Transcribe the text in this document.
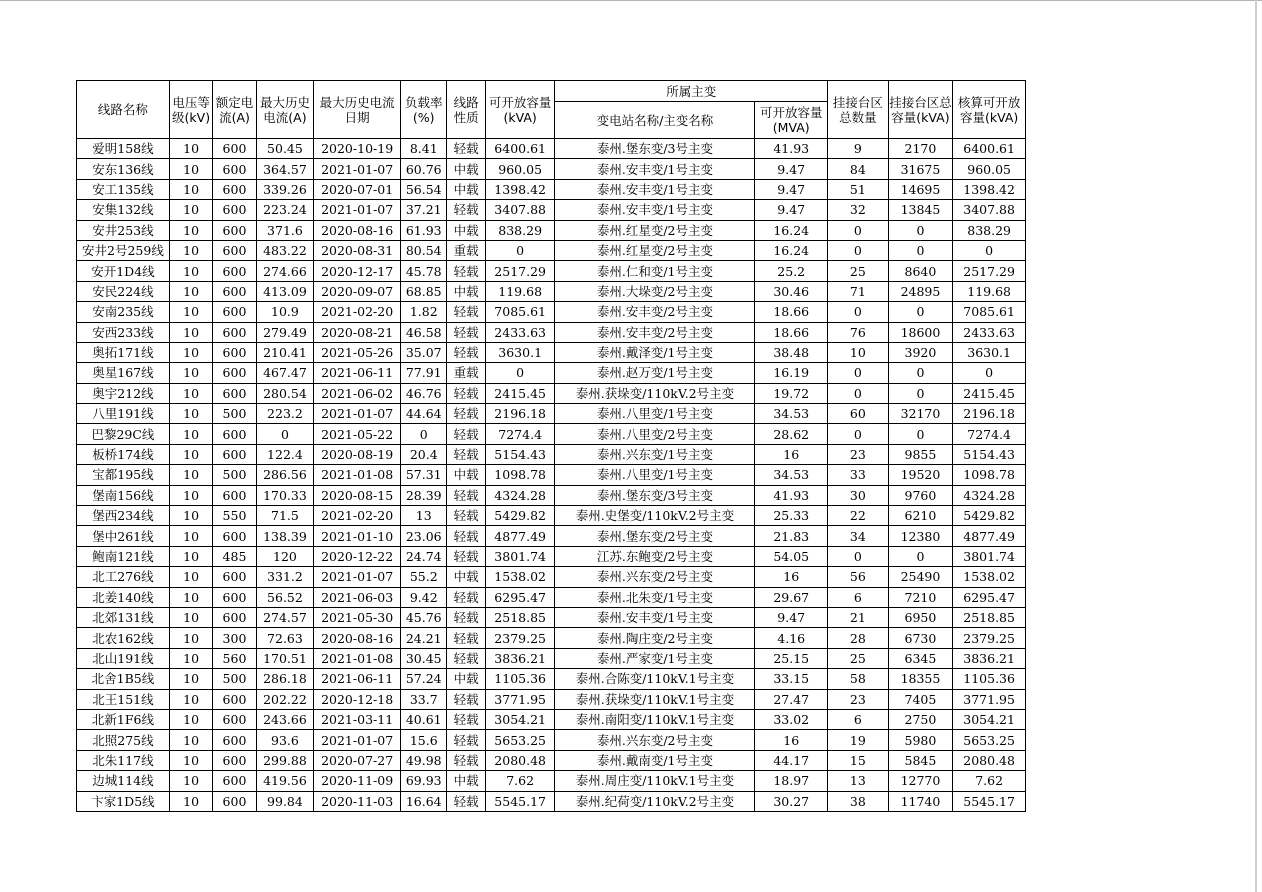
线路名称	电压等级(kV)	额定电流(A)	最大历史电流(A)	最大历史电流日期	负载率(%)	线路性质	可开放容量(kVA)	所属主变		挂接台区总数量	挂接台区总容量(kVA)	核算可开放容量(kVA)
								变电站名称/主变名称	可开放容量(MVA)			
爱明158线	10	600	50.45	2020-10-19	8.41	轻载	6400.61	泰州.堡东变/3号主变	41.93	9	2170	6400.61
安东136线	10	600	364.57	2021-01-07	60.76	中载	960.05	泰州.安丰变/1号主变	9.47	84	31675	960.05
安工135线	10	600	339.26	2020-07-01	56.54	中载	1398.42	泰州.安丰变/1号主变	9.47	51	14695	1398.42
安集132线	10	600	223.24	2021-01-07	37.21	轻载	3407.88	泰州.安丰变/1号主变	9.47	32	13845	3407.88
安井253线	10	600	371.6	2020-08-16	61.93	中载	838.29	泰州.红星变/2号主变	16.24	0	0	838.29
安井2号259线	10	600	483.22	2020-08-31	80.54	重载	0	泰州.红星变/2号主变	16.24	0	0	0
安开1D4线	10	600	274.66	2020-12-17	45.78	轻载	2517.29	泰州.仁和变/1号主变	25.2	25	8640	2517.29
安民224线	10	600	413.09	2020-09-07	68.85	中载	119.68	泰州.大垛变/2号主变	30.46	71	24895	119.68
安南235线	10	600	10.9	2021-02-20	1.82	轻载	7085.61	泰州.安丰变/2号主变	18.66	0	0	7085.61
安西233线	10	600	279.49	2020-08-21	46.58	轻载	2433.63	泰州.安丰变/2号主变	18.66	76	18600	2433.63
奥拓171线	10	600	210.41	2021-05-26	35.07	轻载	3630.1	泰州.戴泽变/1号主变	38.48	10	3920	3630.1
奥星167线	10	600	467.47	2021-06-11	77.91	重载	0	泰州.赵万变/1号主变	16.19	0	0	0
奥宇212线	10	600	280.54	2021-06-02	46.76	轻载	2415.45	泰州.获垛变/110kV.2号主变	19.72	0	0	2415.45
八里191线	10	500	223.2	2021-01-07	44.64	轻载	2196.18	泰州.八里变/1号主变	34.53	60	32170	2196.18
巴黎29C线	10	600	0	2021-05-22	0	轻载	7274.4	泰州.八里变/2号主变	28.62	0	0	7274.4
板桥174线	10	600	122.4	2020-08-19	20.4	轻载	5154.43	泰州.兴东变/1号主变	16	23	9855	5154.43
宝都195线	10	500	286.56	2021-01-08	57.31	中载	1098.78	泰州.八里变/1号主变	34.53	33	19520	1098.78
堡南156线	10	600	170.33	2020-08-15	28.39	轻载	4324.28	泰州.堡东变/3号主变	41.93	30	9760	4324.28
堡西234线	10	550	71.5	2021-02-20	13	轻载	5429.82	泰州.史堡变/110kV.2号主变	25.33	22	6210	5429.82
堡中261线	10	600	138.39	2021-01-10	23.06	轻载	4877.49	泰州.堡东变/2号主变	21.83	34	12380	4877.49
鲍南121线	10	485	120	2020-12-22	24.74	轻载	3801.74	江苏.东鲍变/2号主变	54.05	0	0	3801.74
北工276线	10	600	331.2	2021-01-07	55.2	中载	1538.02	泰州.兴东变/2号主变	16	56	25490	1538.02
北姜140线	10	600	56.52	2021-06-03	9.42	轻载	6295.47	泰州.北朱变/1号主变	29.67	6	7210	6295.47
北郊131线	10	600	274.57	2021-05-30	45.76	轻载	2518.85	泰州.安丰变/1号主变	9.47	21	6950	2518.85
北农162线	10	300	72.63	2020-08-16	24.21	轻载	2379.25	泰州.陶庄变/2号主变	4.16	28	6730	2379.25
北山191线	10	560	170.51	2021-01-08	30.45	轻载	3836.21	泰州.严家变/1号主变	25.15	25	6345	3836.21
北舍1B5线	10	500	286.18	2021-06-11	57.24	中载	1105.36	泰州.合陈变/110kV.1号主变	33.15	58	18355	1105.36
北王151线	10	600	202.22	2020-12-18	33.7	轻载	3771.95	泰州.获垛变/110kV.1号主变	27.47	23	7405	3771.95
北新1F6线	10	600	243.66	2021-03-11	40.61	轻载	3054.21	泰州.南阳变/110kV.1号主变	33.02	6	2750	3054.21
北照275线	10	600	93.6	2021-01-07	15.6	轻载	5653.25	泰州.兴东变/2号主变	16	19	5980	5653.25
北朱117线	10	600	299.88	2020-07-27	49.98	轻载	2080.48	泰州.戴南变/1号主变	44.17	15	5845	2080.48
边城114线	10	600	419.56	2020-11-09	69.93	中载	7.62	泰州.周庄变/110kV.1号主变	18.97	13	12770	7.62
卞家1D5线	10	600	99.84	2020-11-03	16.64	轻载	5545.17	泰州.纪荷变/110kV.2号主变	30.27	38	11740	5545.17
